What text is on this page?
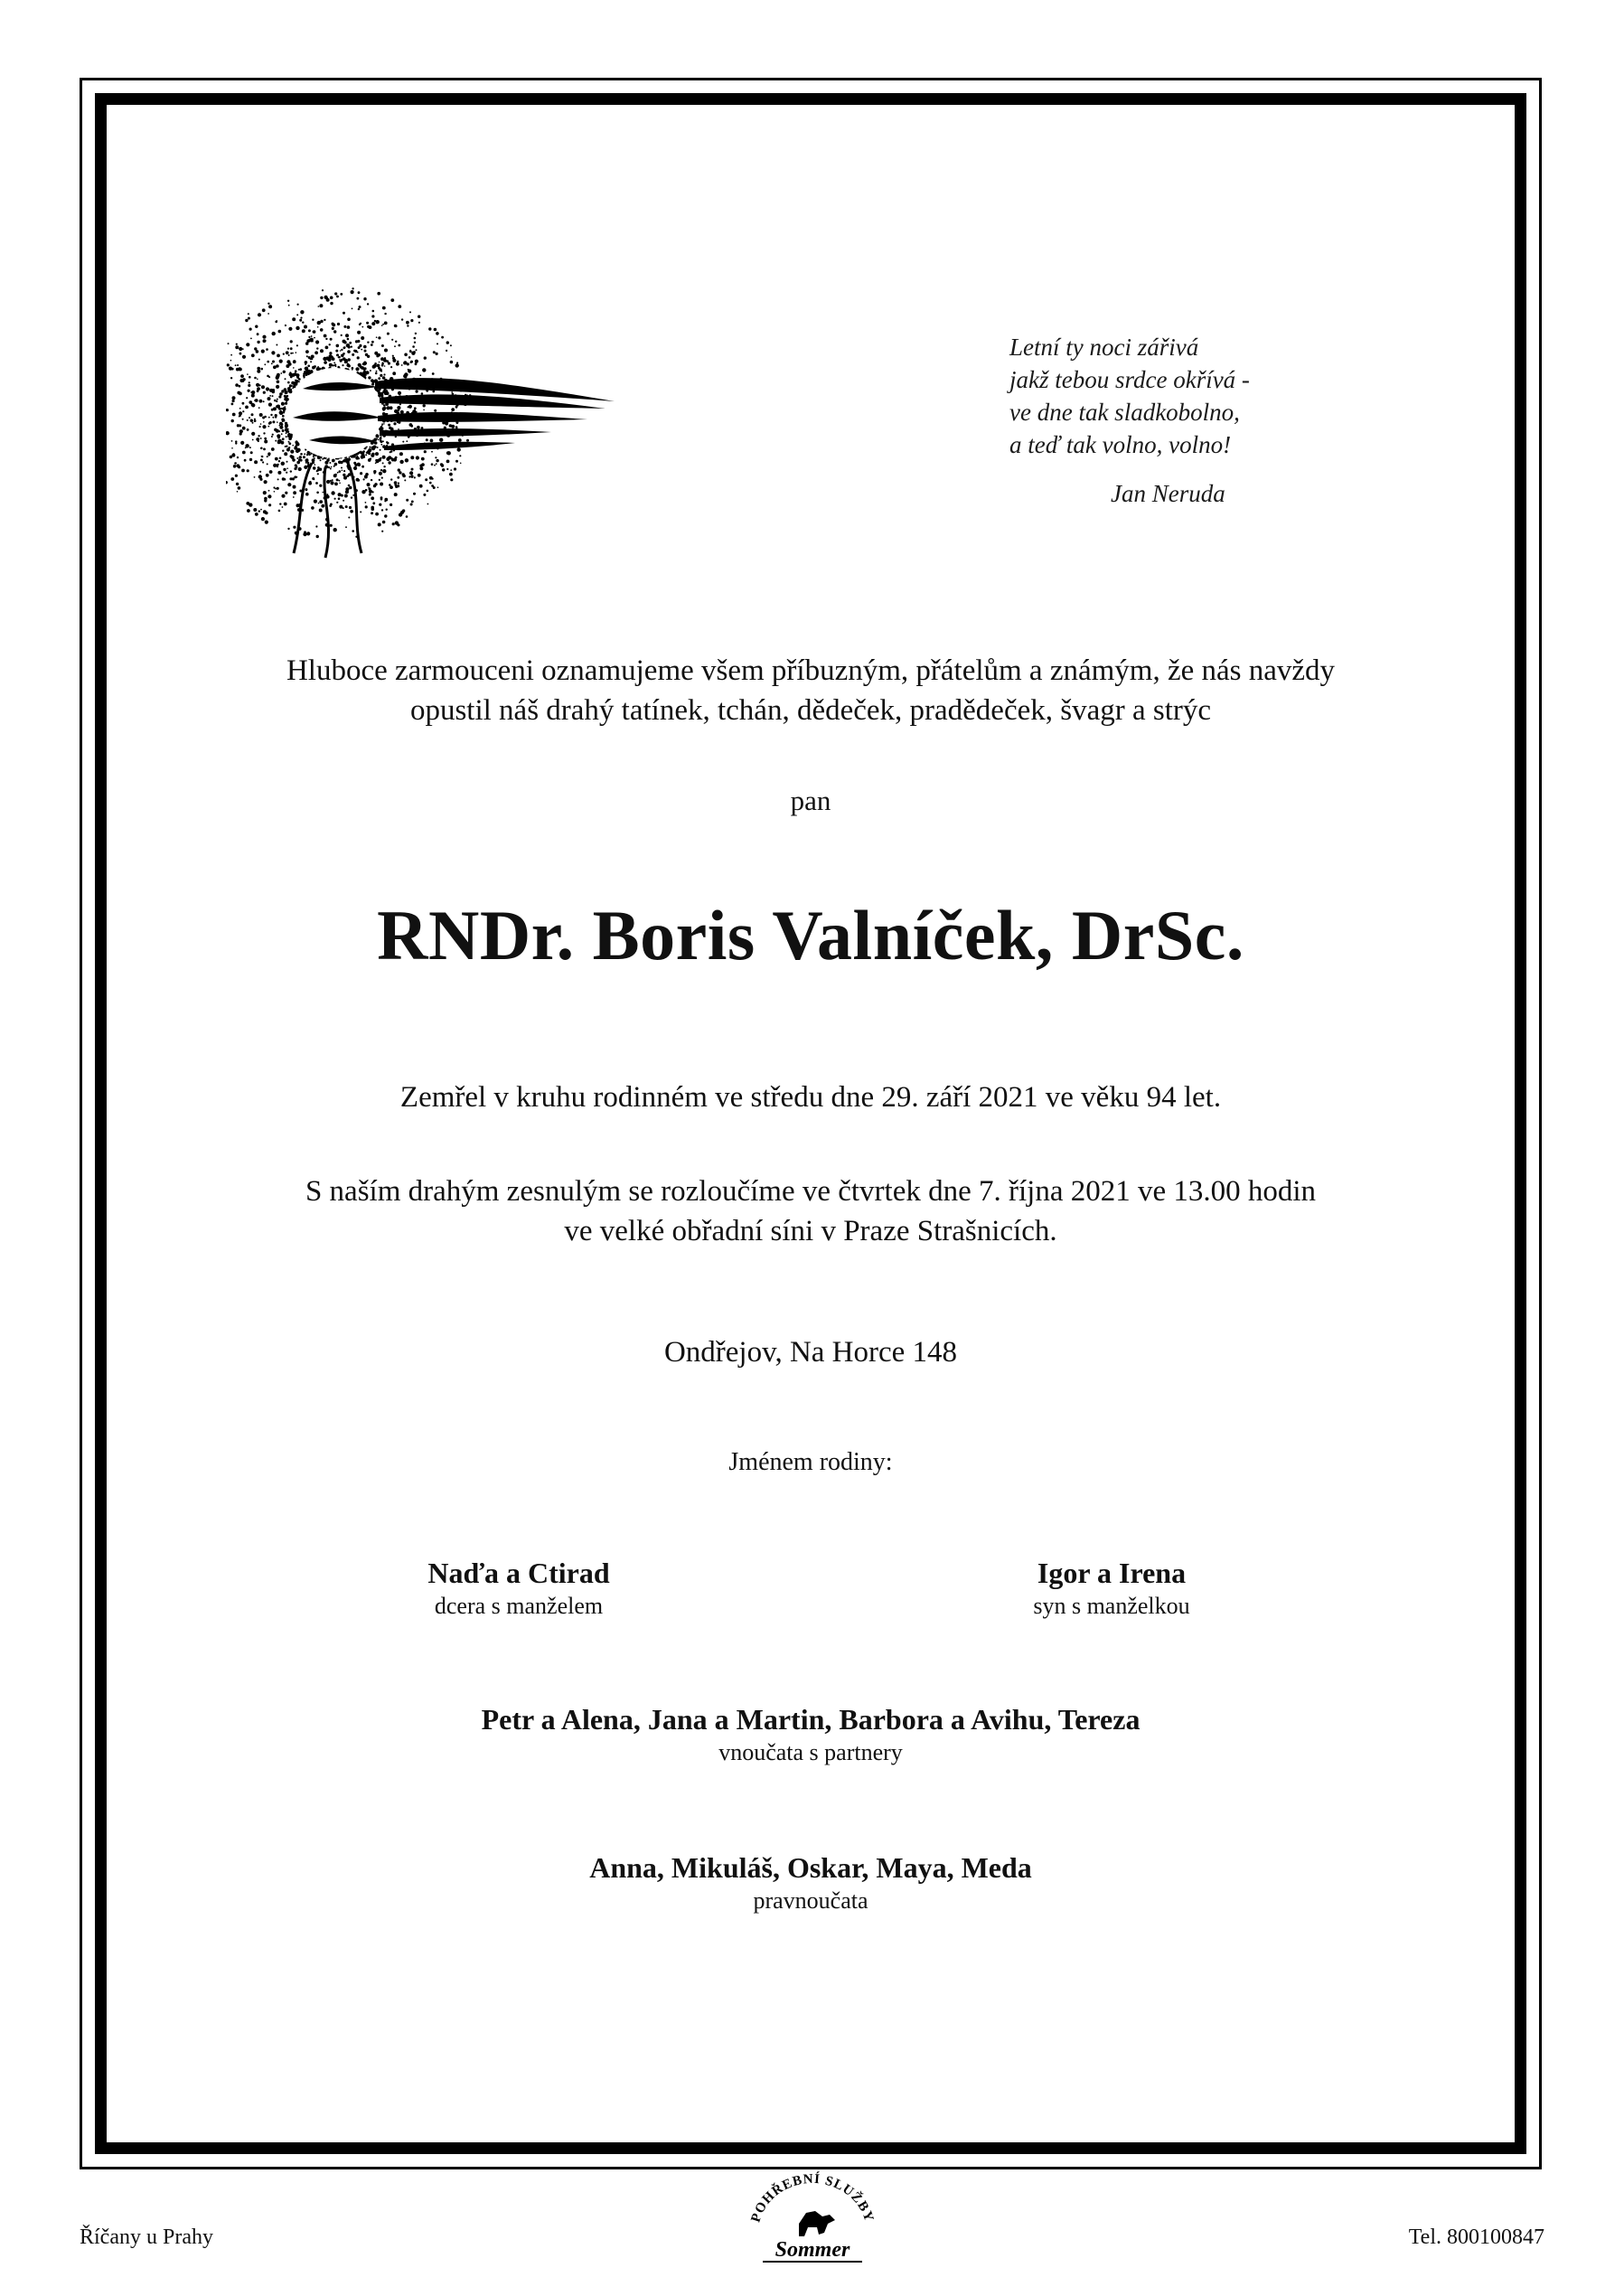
Letní ty noci zářivá
jakž tebou srdce okřívá -
ve dne tak sladkobolno,
a teď tak volno, volno!
Jan Neruda
Hluboce zarmouceni oznamujeme všem příbuzným, přátelům a známým, že nás navždy
opustil náš drahý tatínek, tchán, dědeček, pradědeček, švagr a strýc
pan
RNDr. Boris Valníček, DrSc.
Zemřel v kruhu rodinném ve středu dne 29. září 2021 ve věku 94 let.
S naším drahým zesnulým se rozloučíme ve čtvrtek dne 7. října 2021 ve 13.00 hodin
ve velké obřadní síni v Praze Strašnicích.
Ondřejov, Na Horce 148
Jménem rodiny:
Naďa a Ctirad
dcera s manželem
Igor a Irena
syn s manželkou
Petr a Alena, Jana a Martin, Barbora a Avihu, Tereza
vnoučata s partnery
Anna, Mikuláš, Oskar, Maya, Meda
pravnoučata
Říčany u Prahy
POHŘEBNÍ SLUŽBY
Sommer
Tel. 800100847
